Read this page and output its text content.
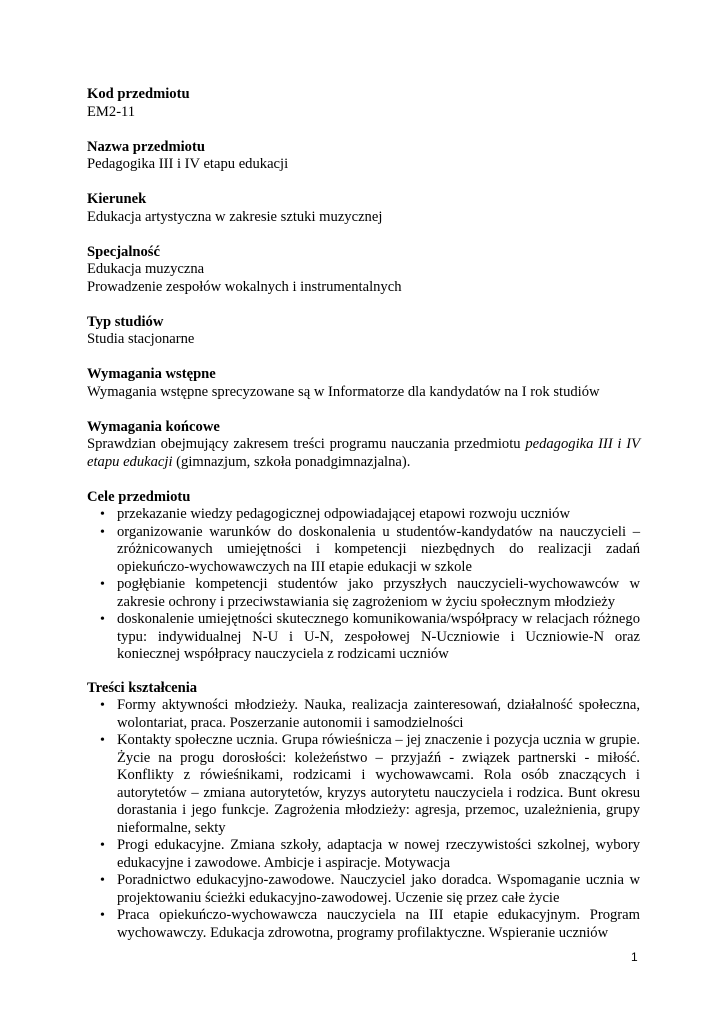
Kod przedmiotu
EM2-11
Nazwa przedmiotu
Pedagogika III i IV etapu edukacji
Kierunek
Edukacja artystyczna w zakresie sztuki muzycznej
Specjalność
Edukacja muzyczna
Prowadzenie zespołów wokalnych i instrumentalnych
Typ studiów
Studia stacjonarne
Wymagania wstępne
Wymagania wstępne sprecyzowane są w Informatorze dla kandydatów na I rok studiów
Wymagania końcowe
Sprawdzian obejmujący zakresem treści programu nauczania przedmiotu pedagogika III i IV etapu edukacji (gimnazjum, szkoła ponadgimnazjalna).
Cele przedmiotu
• przekazanie wiedzy pedagogicznej odpowiadającej etapowi rozwoju uczniów
• organizowanie warunków do doskonalenia u studentów-kandydatów na nauczycieli – zróżnicowanych umiejętności i kompetencji niezbędnych do realizacji zadań opiekuńczo-wychowawczych na III etapie edukacji w szkole
• pogłębianie kompetencji studentów jako przyszłych nauczycieli-wychowawców w zakresie ochrony i przeciwstawiania się zagrożeniom w życiu społecznym młodzieży
• doskonalenie umiejętności skutecznego komunikowania/współpracy w relacjach różnego typu: indywidualnej N-U i U-N, zespołowej N-Uczniowie i Uczniowie-N oraz koniecznej współpracy nauczyciela z rodzicami uczniów
Treści kształcenia
• Formy aktywności młodzieży. Nauka, realizacja zainteresowań, działalność społeczna, wolontariat, praca. Poszerzanie autonomii i samodzielności
• Kontakty społeczne ucznia. Grupa rówieśnicza – jej znaczenie i pozycja ucznia w grupie. Życie na progu dorosłości: koleżeństwo – przyjaźń - związek partnerski - miłość. Konflikty z rówieśnikami, rodzicami i wychowawcami. Rola osób znaczących i autorytetów – zmiana autorytetów, kryzys autorytetu nauczyciela i rodzica. Bunt okresu dorastania i jego funkcje. Zagrożenia młodzieży: agresja, przemoc, uzależnienia, grupy nieformalne, sekty
• Progi edukacyjne. Zmiana szkoły, adaptacja w nowej rzeczywistości szkolnej, wybory edukacyjne i zawodowe. Ambicje i aspiracje. Motywacja
• Poradnictwo edukacyjno-zawodowe. Nauczyciel jako doradca. Wspomaganie ucznia w projektowaniu ścieżki edukacyjno-zawodowej. Uczenie się przez całe życie
• Praca opiekuńczo-wychowawcza nauczyciela na III etapie edukacyjnym. Program wychowawczy. Edukacja zdrowotna, programy profilaktyczne. Wspieranie uczniów
1
